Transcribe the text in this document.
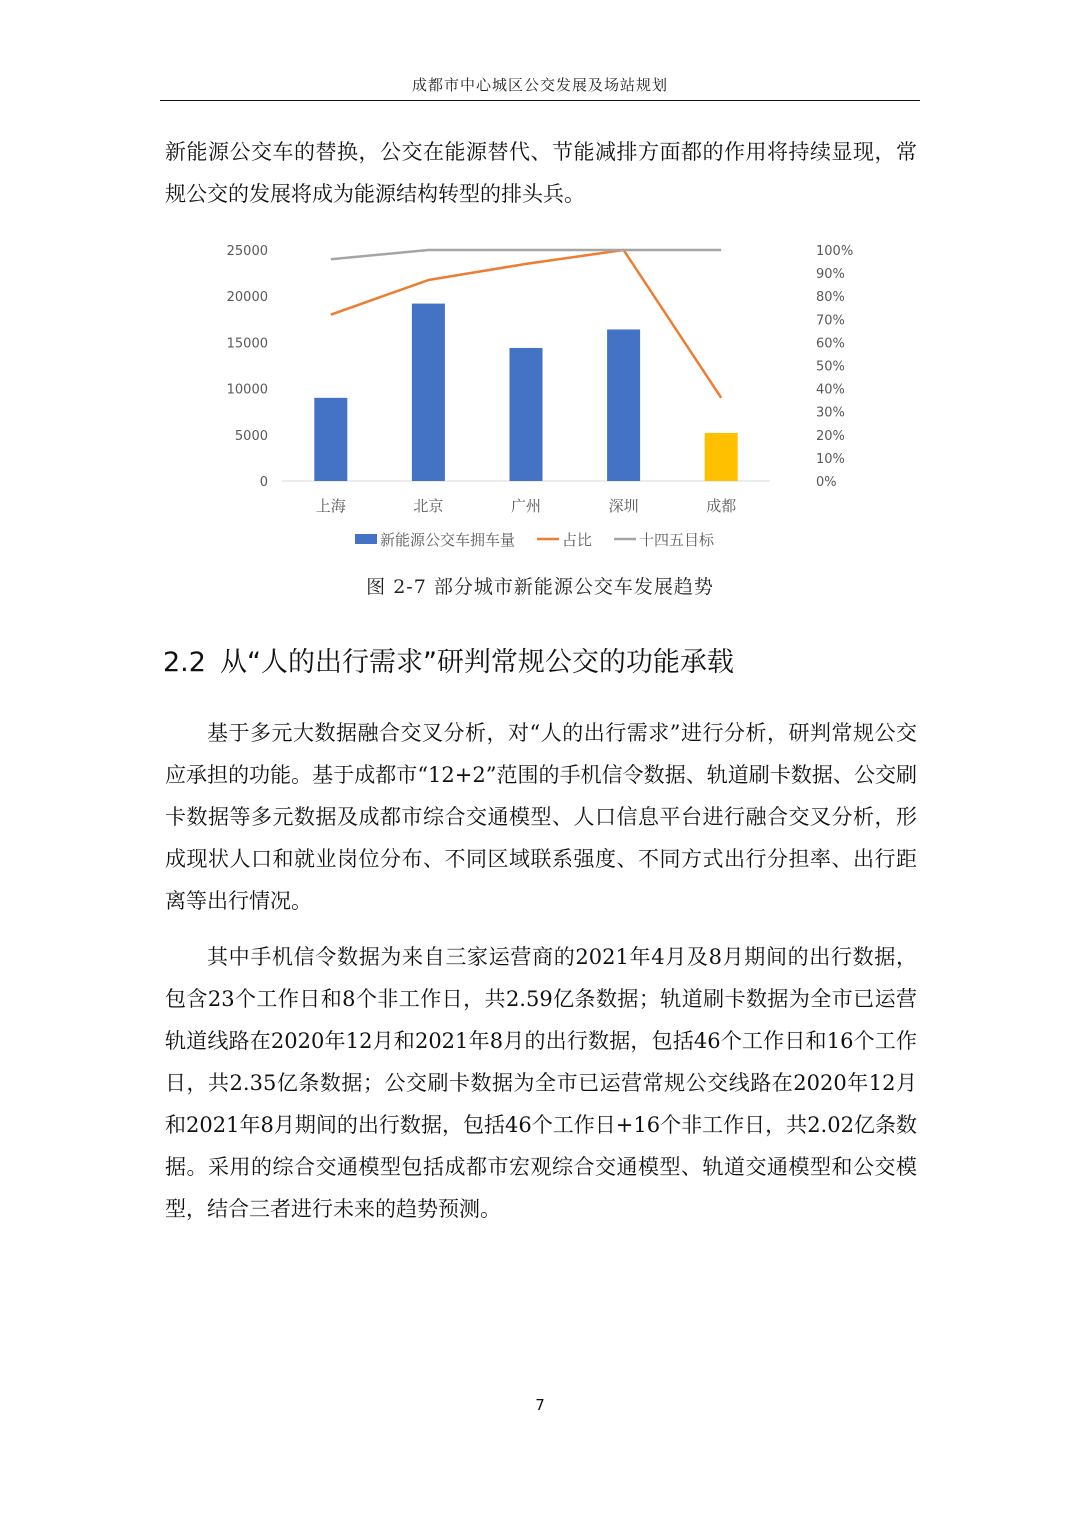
成都市中心城区公交发展及场站规划

新能源公交车的替换，公交在能源替代、节能减排方面都的作用将持续显现，常规公交的发展将成为能源结构转型的排头兵。

0
5000
10000
15000
20000
25000
0%
10%
20%
30%
40%
50%
60%
70%
80%
90%
100%
上海	北京	广州	深圳	成都
新能源公交车拥车量	占比	十四五目标
图 2-7 部分城市新能源公交车发展趋势
2.2 从“人的出行需求”研判常规公交的功能承载

基于多元大数据融合交叉分析，对“人的出行需求”进行分析，研判常规公交应承担的功能。基于成都市“12+2”范围的手机信令数据、轨道刷卡数据、公交刷卡数据等多元数据及成都市综合交通模型、人口信息平台进行融合交叉分析，形成现状人口和就业岗位分布、不同区域联系强度、不同方式出行分担率、出行距离等出行情况。

其中手机信令数据为来自三家运营商的2021年4月及8月期间的出行数据，包含23个工作日和8个非工作日，共2.59亿条数据；轨道刷卡数据为全市已运营轨道线路在2020年12月和2021年8月的出行数据，包括46个工作日和16个工作日，共2.35亿条数据；公交刷卡数据为全市已运营常规公交线路在2020年12月和2021年8月期间的出行数据，包括46个工作日+16个非工作日，共2.02亿条数据。采用的综合交通模型包括成都市宏观综合交通模型、轨道交通模型和公交模型，结合三者进行未来的趋势预测。

7
